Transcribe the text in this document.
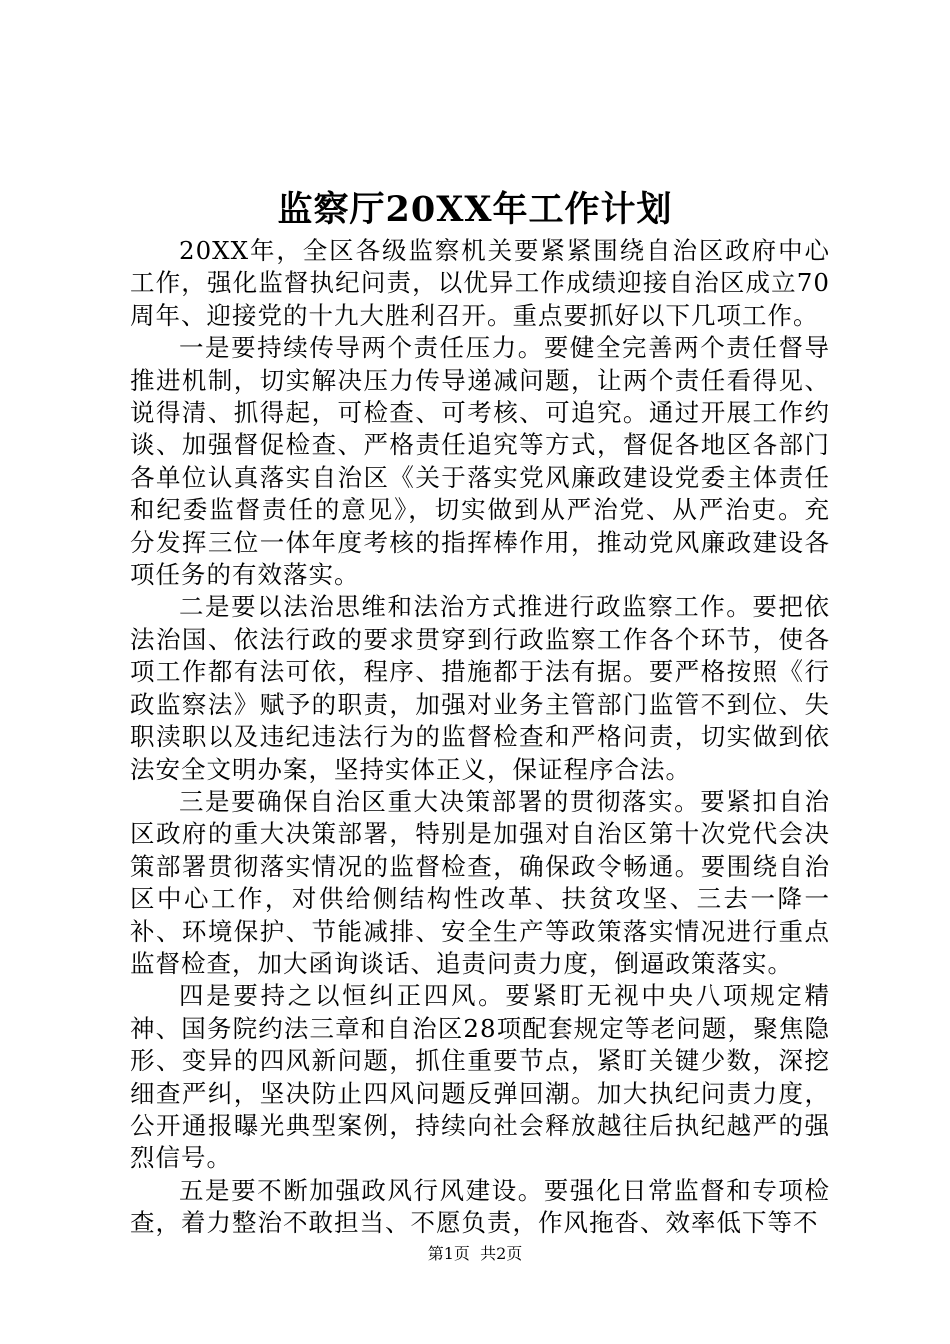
监察厅20XX年工作计划

20XX年，全区各级监察机关要紧紧围绕自治区政府中心工作，强化监督执纪问责，以优异工作成绩迎接自治区成立70周年、迎接党的十九大胜利召开。重点要抓好以下几项工作。

一是要持续传导两个责任压力。要健全完善两个责任督导推进机制，切实解决压力传导递减问题，让两个责任看得见、说得清、抓得起，可检查、可考核、可追究。通过开展工作约谈、加强督促检查、严格责任追究等方式，督促各地区各部门各单位认真落实自治区《关于落实党风廉政建设党委主体责任和纪委监督责任的意见》，切实做到从严治党、从严治吏。充分发挥三位一体年度考核的指挥棒作用，推动党风廉政建设各项任务的有效落实。

二是要以法治思维和法治方式推进行政监察工作。要把依法治国、依法行政的要求贯穿到行政监察工作各个环节，使各项工作都有法可依，程序、措施都于法有据。要严格按照《行政监察法》赋予的职责，加强对业务主管部门监管不到位、失职渎职以及违纪违法行为的监督检查和严格问责，切实做到依法安全文明办案，坚持实体正义，保证程序合法。

三是要确保自治区重大决策部署的贯彻落实。要紧扣自治区政府的重大决策部署，特别是加强对自治区第十次党代会决策部署贯彻落实情况的监督检查，确保政令畅通。要围绕自治区中心工作，对供给侧结构性改革、扶贫攻坚、三去一降一补、环境保护、节能减排、安全生产等政策落实情况进行重点监督检查，加大函询谈话、追责问责力度，倒逼政策落实。

四是要持之以恒纠正四风。要紧盯无视中央八项规定精神、国务院约法三章和自治区28项配套规定等老问题，聚焦隐形、变异的四风新问题，抓住重要节点，紧盯关键少数，深挖细查严纠，坚决防止四风问题反弹回潮。加大执纪问责力度，公开通报曝光典型案例，持续向社会释放越往后执纪越严的强烈信号。

五是要不断加强政风行风建设。要强化日常监督和专项检查，着力整治不敢担当、不愿负责，作风拖沓、效率低下等不

第1页  共2页
